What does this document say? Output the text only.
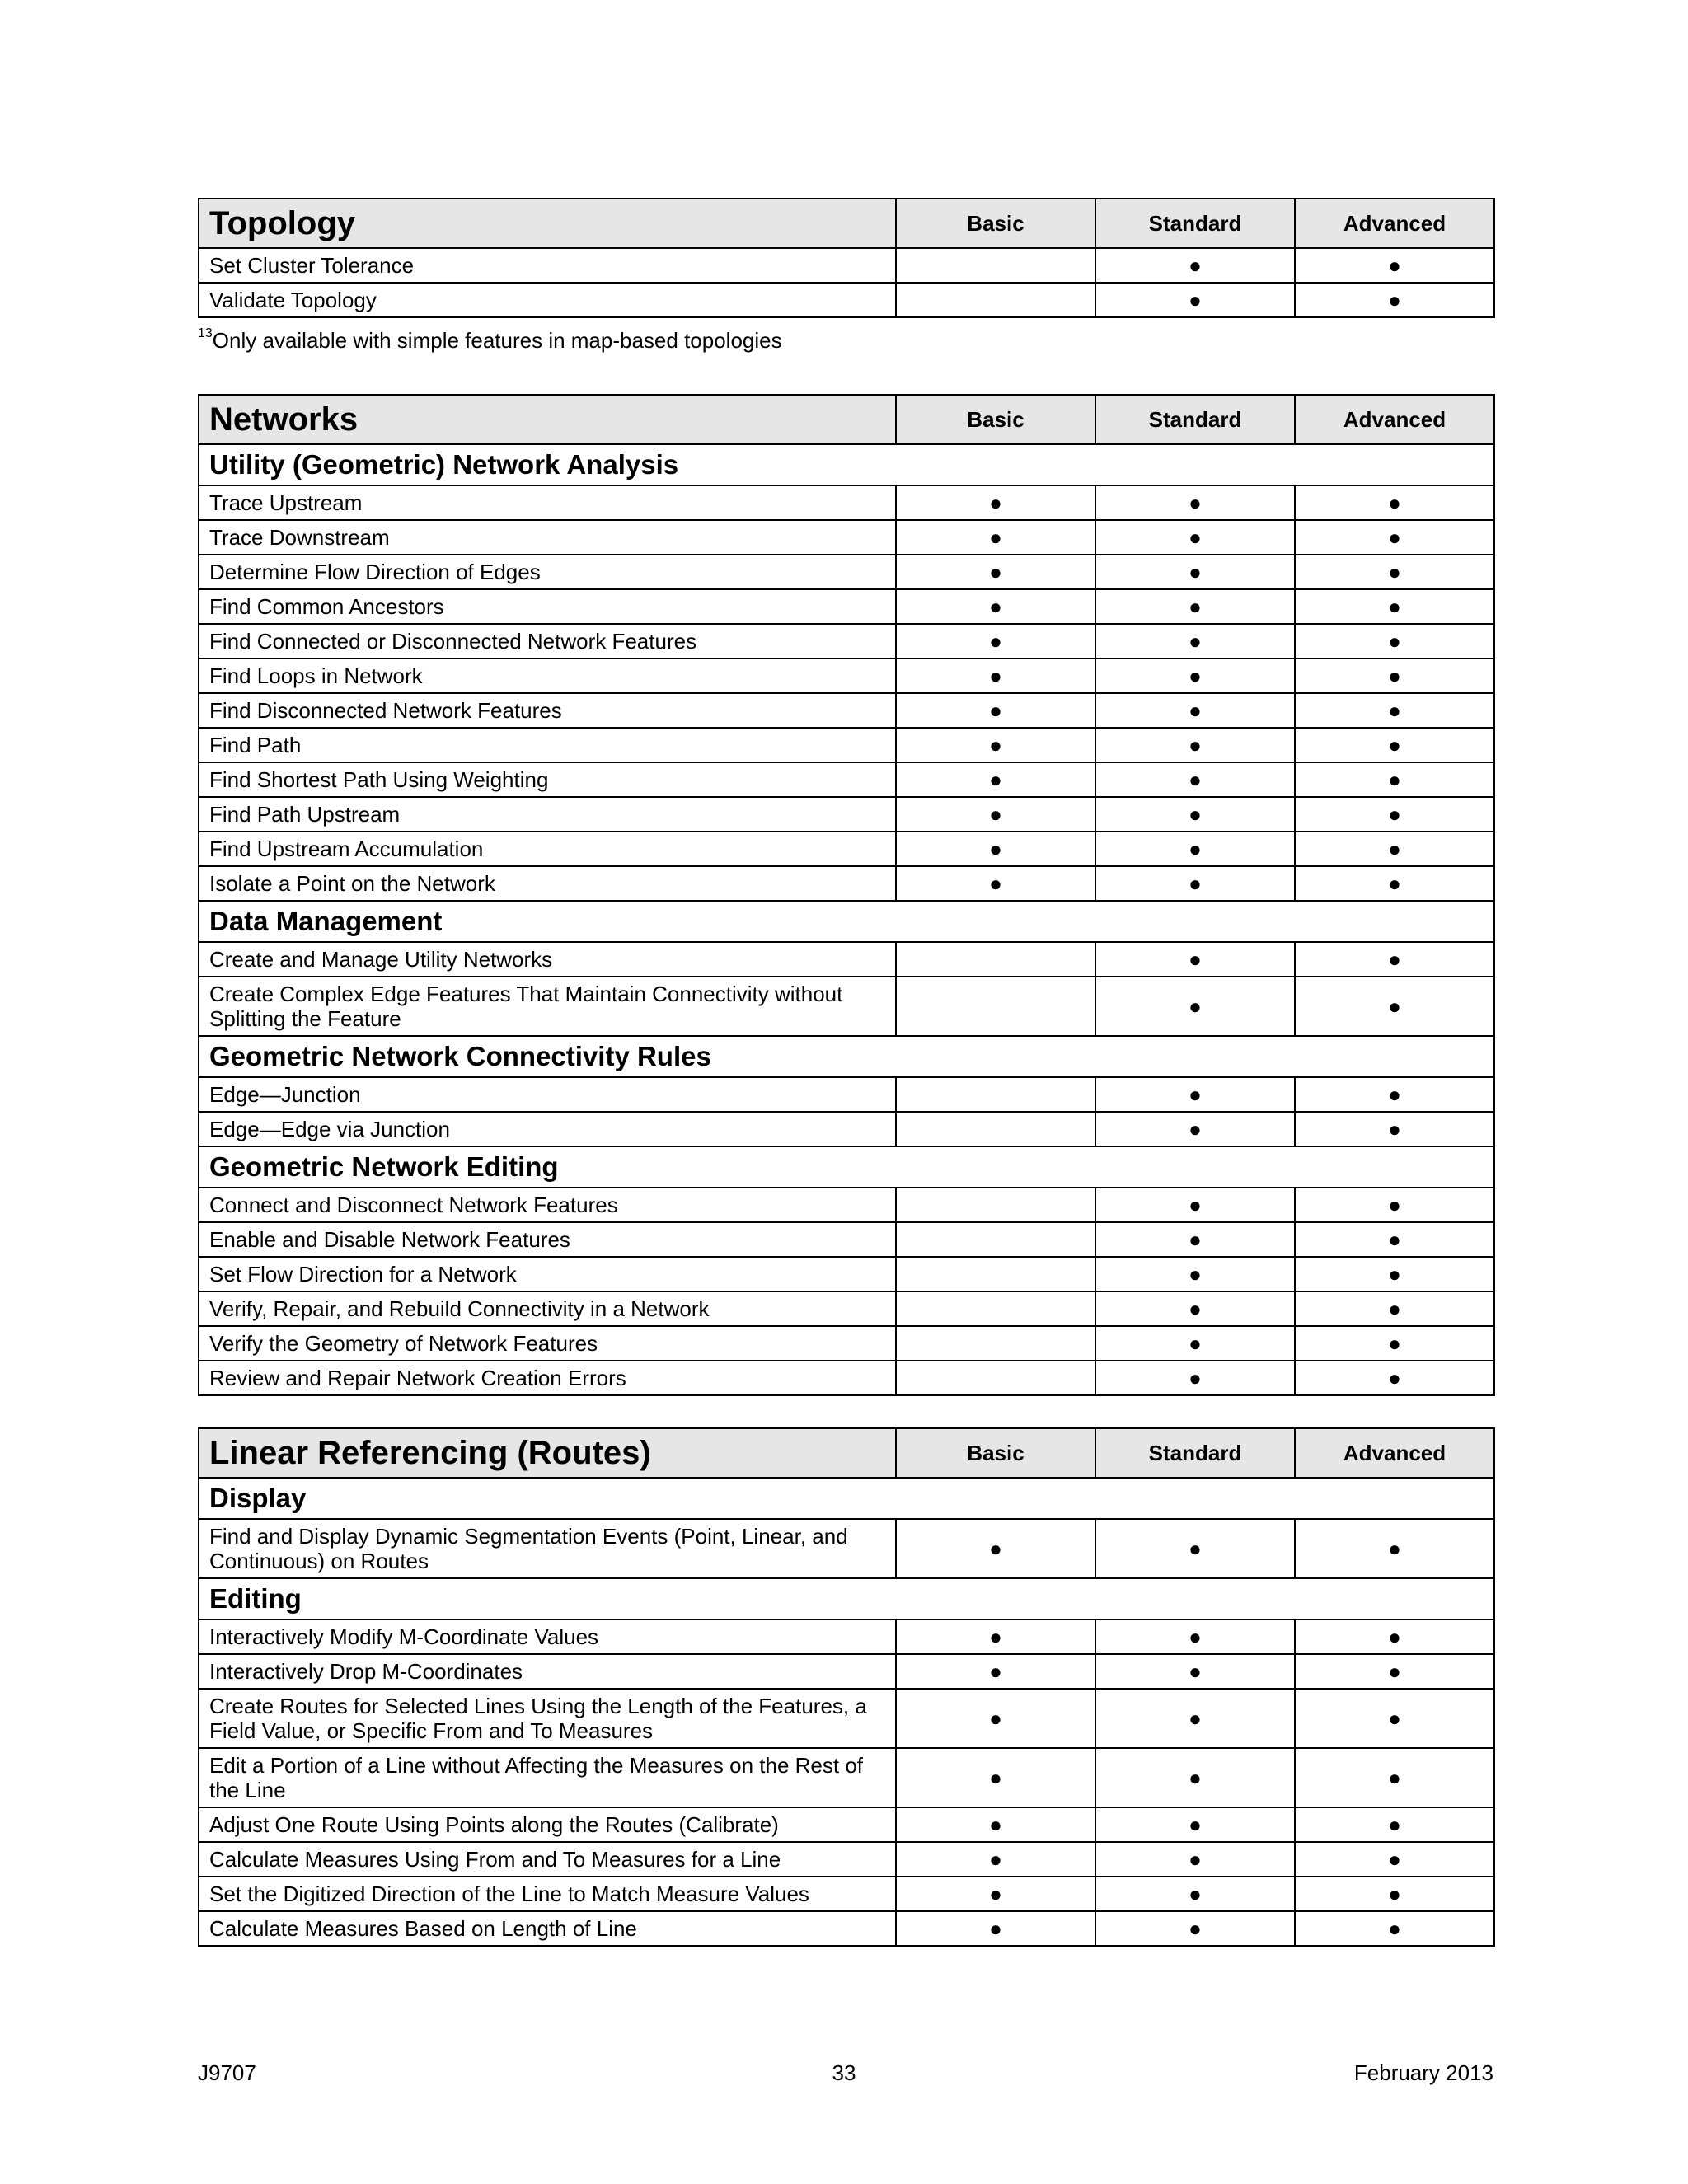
Topology	Basic	Standard	Advanced
Set Cluster Tolerance		●	●
Validate Topology		●	●
Networks	Basic	Standard	Advanced
Utility (Geometric) Network Analysis			
Trace Upstream	●	●	●
Trace Downstream	●	●	●
Determine Flow Direction of Edges	●	●	●
Find Common Ancestors	●	●	●
Find Connected or Disconnected Network Features	●	●	●
Find Loops in Network	●	●	●
Find Disconnected Network Features	●	●	●
Find Path	●	●	●
Find Shortest Path Using Weighting	●	●	●
Find Path Upstream	●	●	●
Find Upstream Accumulation	●	●	●
Isolate a Point on the Network	●	●	●
Data Management			
Create and Manage Utility Networks		●	●
Create Complex Edge Features That Maintain Connectivity without Splitting the Feature		●	●
Geometric Network Connectivity Rules			
Edge—Junction		●	●
Edge—Edge via Junction		●	●
Geometric Network Editing			
Connect and Disconnect Network Features		●	●
Enable and Disable Network Features		●	●
Set Flow Direction for a Network		●	●
Verify, Repair, and Rebuild Connectivity in a Network		●	●
Verify the Geometry of Network Features		●	●
Review and Repair Network Creation Errors		●	●
Linear Referencing (Routes)	Basic	Standard	Advanced
Display			
Find and Display Dynamic Segmentation Events (Point, Linear, and Continuous) on Routes	●	●	●
Editing			
Interactively Modify M-Coordinate Values	●	●	●
Interactively Drop M-Coordinates	●	●	●
Create Routes for Selected Lines Using the Length of the Features, a Field Value, or Specific From and To Measures	●	●	●
Edit a Portion of a Line without Affecting the Measures on the Rest of the Line	●	●	●
Adjust One Route Using Points along the Routes (Calibrate)	●	●	●
Calculate Measures Using From and To Measures for a Line	●	●	●
Set the Digitized Direction of the Line to Match Measure Values	●	●	●
Calculate Measures Based on Length of Line	●	●	●
$^{13}$Only available with simple features in map-based topologies
J9707	33	February 2013
